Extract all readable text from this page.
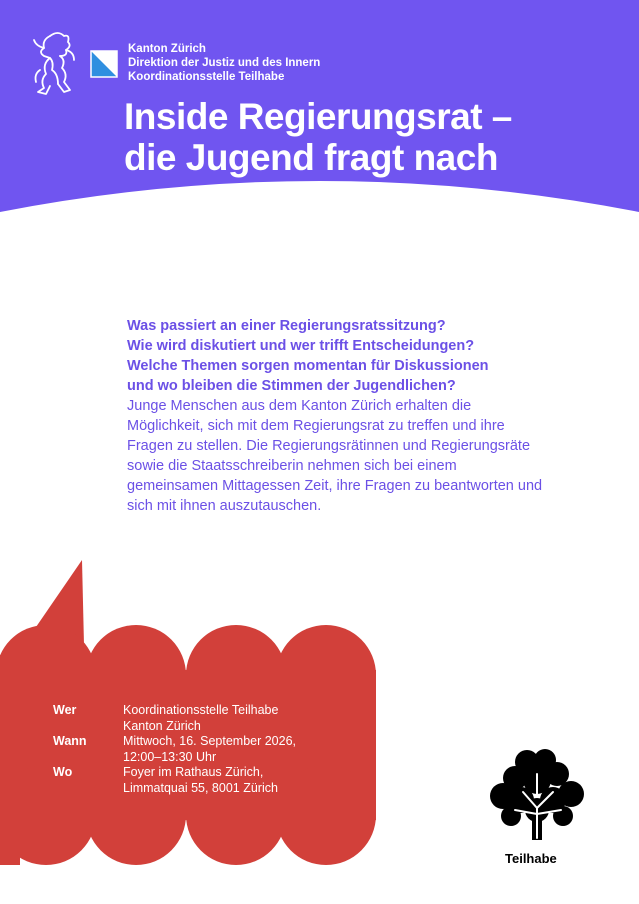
Kanton Zürich
Direktion der Justiz und des Innern
Koordinationsstelle Teilhabe
Inside Regierungsrat –
die Jugend fragt nach
Was passiert an einer Regierungsratssitzung?
Wie wird diskutiert und wer trifft Entscheidungen?
Welche Themen sorgen momentan für Diskussionen
und wo bleiben die Stimmen der Jugendlichen?
Junge Menschen aus dem Kanton Zürich erhalten die Möglichkeit, sich mit dem Regierungsrat zu treffen und ihre Fragen zu stellen. Die Regierungsrätinnen und Regierungsräte sowie die Staatsschreiberin nehmen sich bei einem gemeinsamen Mittagessen Zeit, ihre Fragen zu beantworten und sich mit ihnen auszutauschen.
Wer	Koordinationsstelle Teilhabe
Kanton Zürich
Wann	Mittwoch, 16. September 2026,
12:00–13:30 Uhr
Wo	Foyer im Rathaus Zürich,
Limmatquai 55, 8001 Zürich
Teilhabe
